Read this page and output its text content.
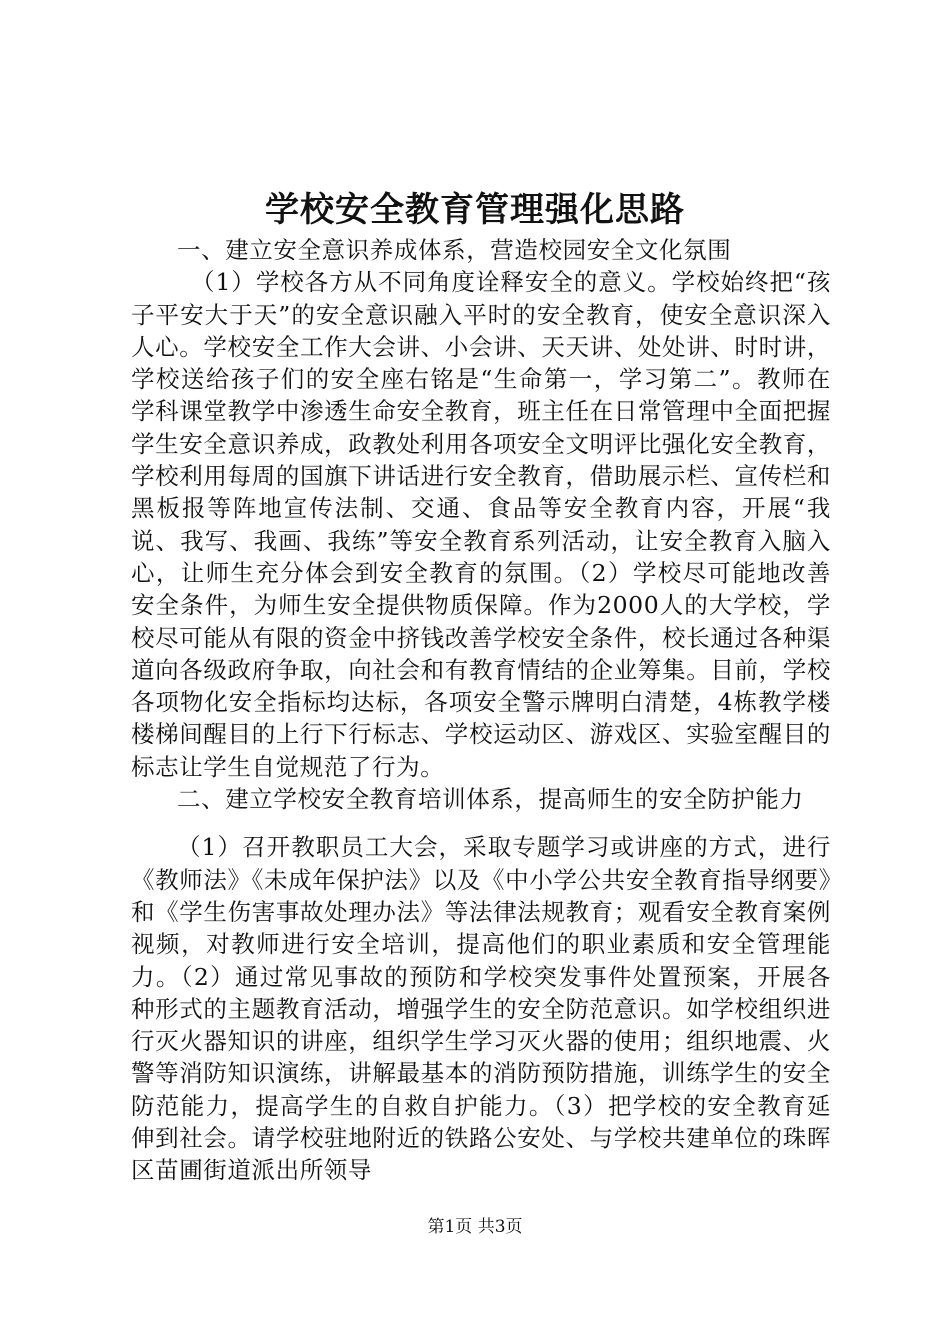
学校安全教育管理强化思路

一、建立安全意识养成体系，营造校园安全文化氛围

（1）学校各方从不同角度诠释安全的意义。学校始终把“孩子平安大于天”的安全意识融入平时的安全教育，使安全意识深入人心。学校安全工作大会讲、小会讲、天天讲、处处讲、时时讲，学校送给孩子们的安全座右铭是“生命第一，学习第二”。教师在学科课堂教学中渗透生命安全教育，班主任在日常管理中全面把握学生安全意识养成，政教处利用各项安全文明评比强化安全教育，学校利用每周的国旗下讲话进行安全教育，借助展示栏、宣传栏和黑板报等阵地宣传法制、交通、食品等安全教育内容，开展“我说、我写、我画、我练”等安全教育系列活动，让安全教育入脑入心，让师生充分体会到安全教育的氛围。（2）学校尽可能地改善安全条件，为师生安全提供物质保障。作为2000人的大学校，学校尽可能从有限的资金中挤钱改善学校安全条件，校长通过各种渠道向各级政府争取，向社会和有教育情结的企业筹集。目前，学校各项物化安全指标均达标，各项安全警示牌明白清楚，4栋教学楼楼梯间醒目的上行下行标志、学校运动区、游戏区、实验室醒目的标志让学生自觉规范了行为。

二、建立学校安全教育培训体系，提高师生的安全防护能力

（1）召开教职员工大会，采取专题学习或讲座的方式，进行《教师法》《未成年保护法》以及《中小学公共安全教育指导纲要》和《学生伤害事故处理办法》等法律法规教育；观看安全教育案例视频，对教师进行安全培训，提高他们的职业素质和安全管理能力。（2）通过常见事故的预防和学校突发事件处置预案，开展各种形式的主题教育活动，增强学生的安全防范意识。如学校组织进行灭火器知识的讲座，组织学生学习灭火器的使用；组织地震、火警等消防知识演练，讲解最基本的消防预防措施，训练学生的安全防范能力，提高学生的自救自护能力。（3）把学校的安全教育延伸到社会。请学校驻地附近的铁路公安处、与学校共建单位的珠晖区苗圃街道派出所领导

第1页 共3页
